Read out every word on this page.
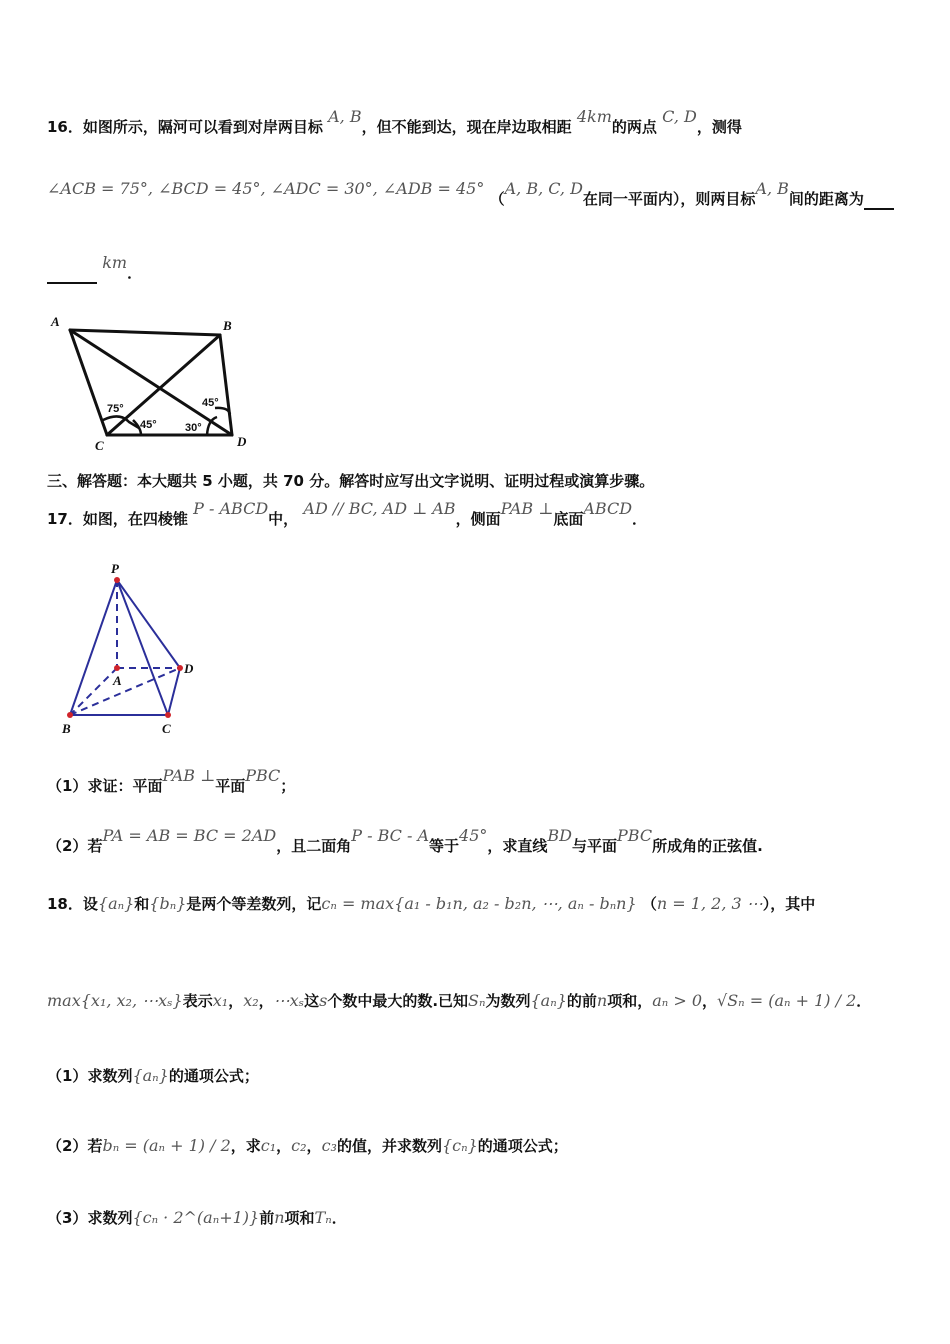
16．如图所示，隔河可以看到对岸两目标 A, B，但不能到达，现在岸边取相距 4km的两点 C, D，测得
∠ACB = 75°, ∠BCD = 45°, ∠ADC = 30°, ∠ADB = 45° （A, B, C, D在同一平面内），则两目标A, B间的距离为
km．
A	B
C	D
75°
45°	30°
45°
三、解答题：本大题共 5 小题，共 70 分。解答时应写出文字说明、证明过程或演算步骤。
17．如图，在四棱锥 P - ABCD中， AD // BC, AD ⊥ AB，侧面PAB ⊥底面ABCD．
P
A
B	C
D
（1）求证：平面PAB ⊥平面PBC；
（2）若PA = AB = BC = 2AD，且二面角P - BC - A等于45°，求直线BD与平面PBC所成角的正弦值.
18．设{aₙ}和{bₙ}是两个等差数列，记cₙ = max{a₁ - b₁n, a₂ - b₂n, ⋯, aₙ - bₙn} （n = 1, 2, 3 ⋯），其中
max{x₁, x₂, ⋯xₛ}表示x₁，x₂，⋯xₛ这s个数中最大的数.已知Sₙ为数列{aₙ}的前n项和，aₙ > 0，√Sₙ = (aₙ + 1) / 2．
（1）求数列{aₙ}的通项公式；
（2）若bₙ = (aₙ + 1) / 2，求c₁，c₂，c₃的值，并求数列{cₙ}的通项公式；
（3）求数列{cₙ · 2^(aₙ+1)}前n项和Tₙ．
